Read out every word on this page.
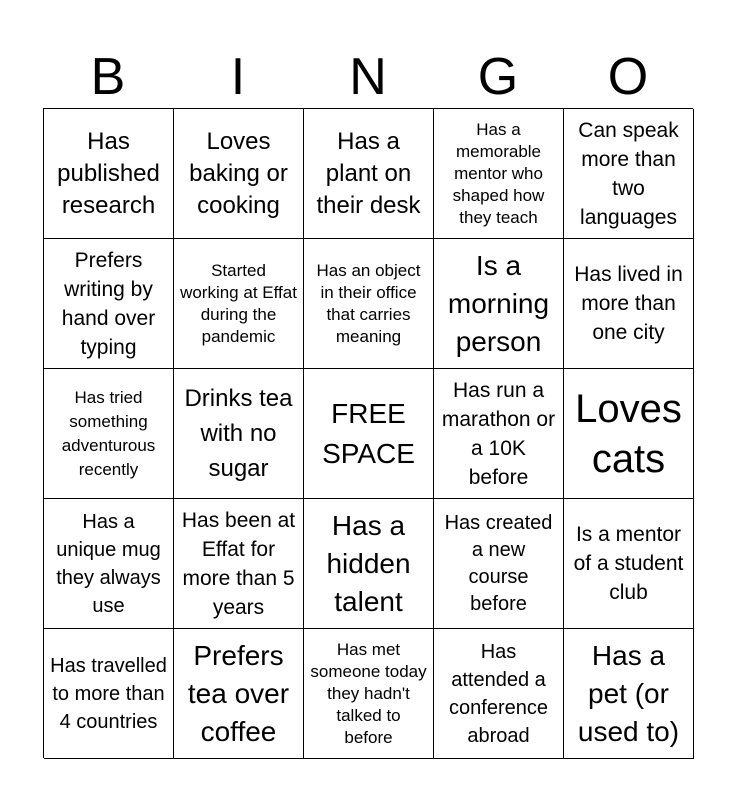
B	I	N	G	O
Has published research
Loves baking or cooking
Has a plant on their desk
Has a memorable mentor who shaped how they teach
Can speak more than two languages
Prefers writing by hand over typing
Started working at Effat during the pandemic
Has an object in their office that carries meaning
Is a morning person
Has lived in more than one city
Has tried something adventurous recently
Drinks tea with no sugar
FREE SPACE
Has run a marathon or a 10K before
Loves cats
Has a unique mug they always use
Has been at Effat for more than 5 years
Has a hidden talent
Has created a new course before
Is a mentor of a student club
Has travelled to more than 4 countries
Prefers tea over coffee
Has met someone today they hadn't talked to before
Has attended a conference abroad
Has a pet (or used to)
